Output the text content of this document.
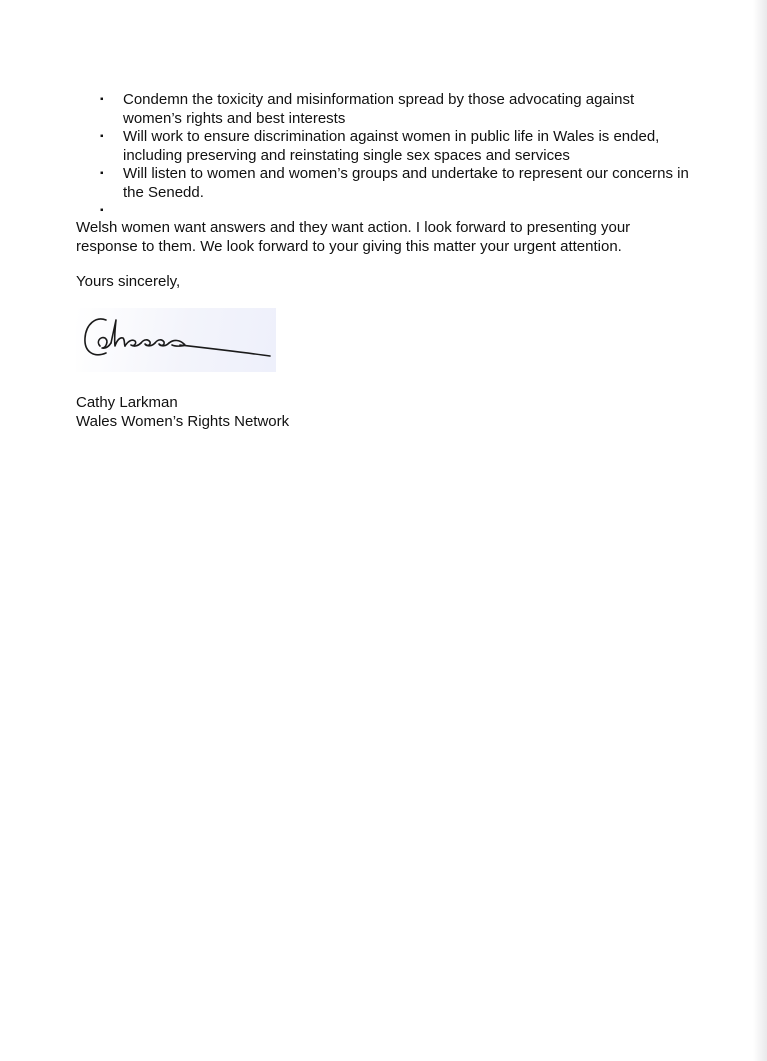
▪ Condemn the toxicity and misinformation spread by those advocating against women’s rights and best interests
▪ Will work to ensure discrimination against women in public life in Wales is ended, including preserving and reinstating single sex spaces and services
▪ Will listen to women and women’s groups and undertake to represent our concerns in the Senedd.
▪

Welsh women want answers and they want action. I look forward to presenting your response to them. We look forward to your giving this matter your urgent attention.

Yours sincerely,

Cathy Larkman
Wales Women’s Rights Network
